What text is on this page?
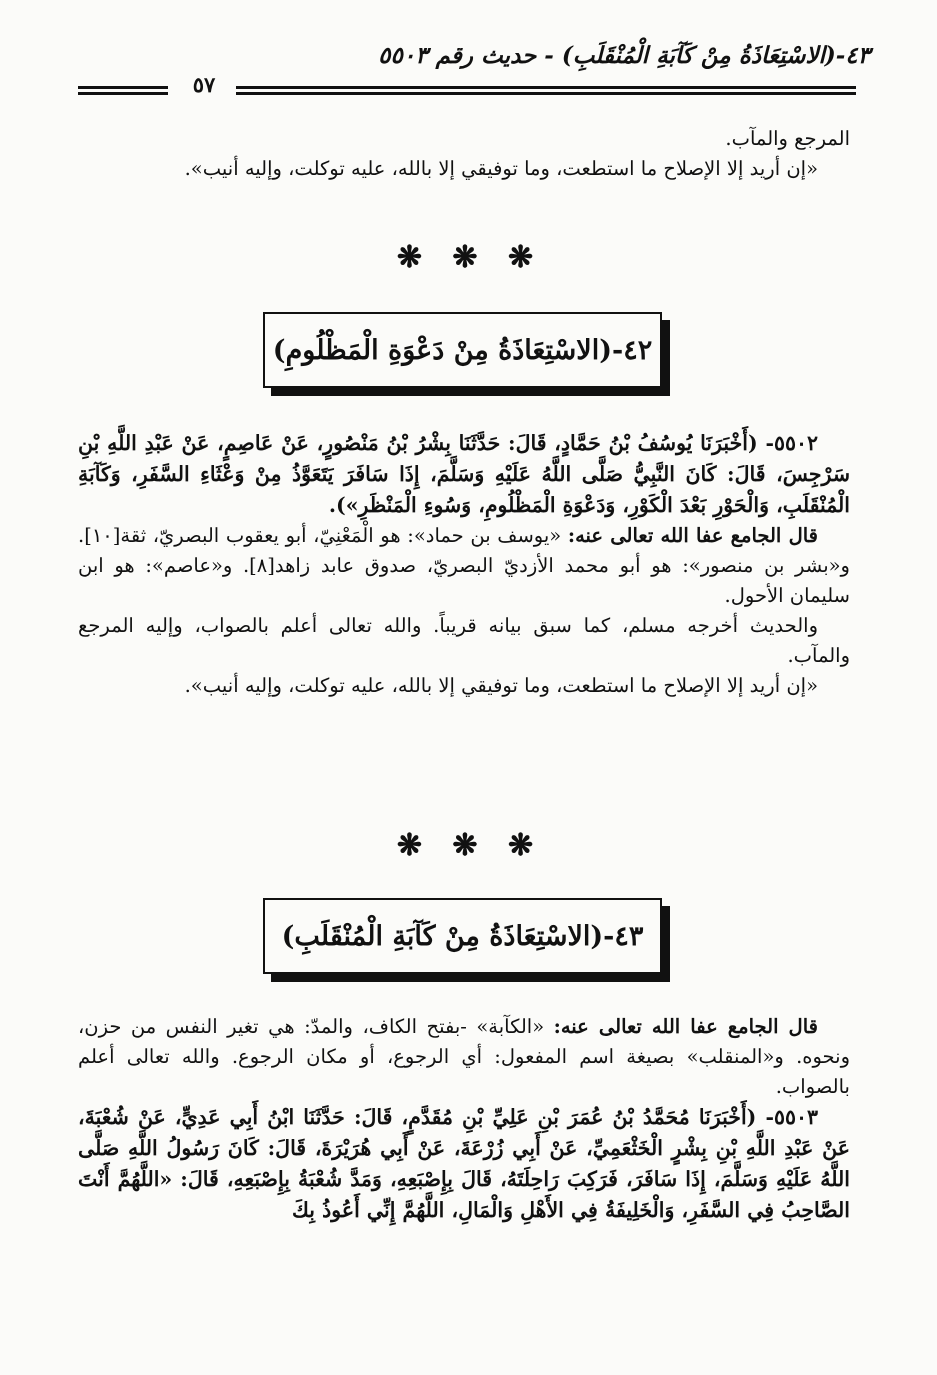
٤٣-(الاسْتِعَاذَةُ مِنْ كَآبَةِ الْمُنْقَلَبِ) - حديث رقم ٥٥٠٣
٥٧

المرجع والمآب.

«إن أريد إلا الإصلاح ما استطعت، وما توفيقي إلا بالله، عليه توكلت، وإليه أنيب».

❋ ❋ ❋
٤٢-(الاسْتِعَاذَةُ مِنْ دَعْوَةِ الْمَظْلُومِ)

٥٥٠٢- (أَخْبَرَنَا يُوسُفُ بْنُ حَمَّادٍ، قَالَ: حَدَّثَنَا بِشْرُ بْنُ مَنْصُورٍ، عَنْ عَاصِمٍ، عَنْ عَبْدِ اللَّهِ بْنِ سَرْجِسَ، قَالَ: كَانَ النَّبِيُّ صَلَّى اللَّهُ عَلَيْهِ وَسَلَّمَ، إِذَا سَافَرَ يَتَعَوَّذُ مِنْ وَعْثَاءِ السَّفَرِ، وَكَآبَةِ الْمُنْقَلَبِ، وَالْحَوْرِ بَعْدَ الْكَوْرِ، وَدَعْوَةِ الْمَظْلُومِ، وَسُوءِ الْمَنْظَرِ»).

قال الجامع عفا الله تعالى عنه: «يوسف بن حماد»: هو الْمَعْنِيّ، أبو يعقوب البصريّ، ثقة[١٠]. و«بشر بن منصور»: هو أبو محمد الأزديّ البصريّ، صدوق عابد زاهد[٨]. و«عاصم»: هو ابن سليمان الأحول.

والحديث أخرجه مسلم، كما سبق بيانه قريباً. والله تعالى أعلم بالصواب، وإليه المرجع والمآب.

«إن أريد إلا الإصلاح ما استطعت، وما توفيقي إلا بالله، عليه توكلت، وإليه أنيب».

❋ ❋ ❋
٤٣-(الاسْتِعَاذَةُ مِنْ كَآبَةِ الْمُنْقَلَبِ)

قال الجامع عفا الله تعالى عنه: «الكآبة» -بفتح الكاف، والمدّ: هي تغير النفس من حزن، ونحوه. و«المنقلب» بصيغة اسم المفعول: أي الرجوع، أو مكان الرجوع. والله تعالى أعلم بالصواب.

٥٥٠٣- (أَخْبَرَنَا مُحَمَّدُ بْنُ عُمَرَ بْنِ عَلِيِّ بْنِ مُقَدَّمٍ، قَالَ: حَدَّثَنَا ابْنُ أَبِي عَدِيٍّ، عَنْ شُعْبَةَ، عَنْ عَبْدِ اللَّهِ بْنِ بِشْرٍ الْخَثْعَمِيِّ، عَنْ أَبِي زُرْعَةَ، عَنْ أَبِي هُرَيْرَةَ، قَالَ: كَانَ رَسُولُ اللَّهِ صَلَّى اللَّهُ عَلَيْهِ وَسَلَّمَ، إِذَا سَافَرَ، فَرَكِبَ رَاحِلَتَهُ، قَالَ بِإِصْبَعِهِ، وَمَدَّ شُعْبَةُ بِإِصْبَعِهِ، قَالَ: «اللَّهُمَّ أَنْتَ الصَّاحِبُ فِي السَّفَرِ، وَالْخَلِيفَةُ فِي الأَهْلِ وَالْمَالِ، اللَّهُمَّ إِنِّي أَعُوذُ بِكَ
